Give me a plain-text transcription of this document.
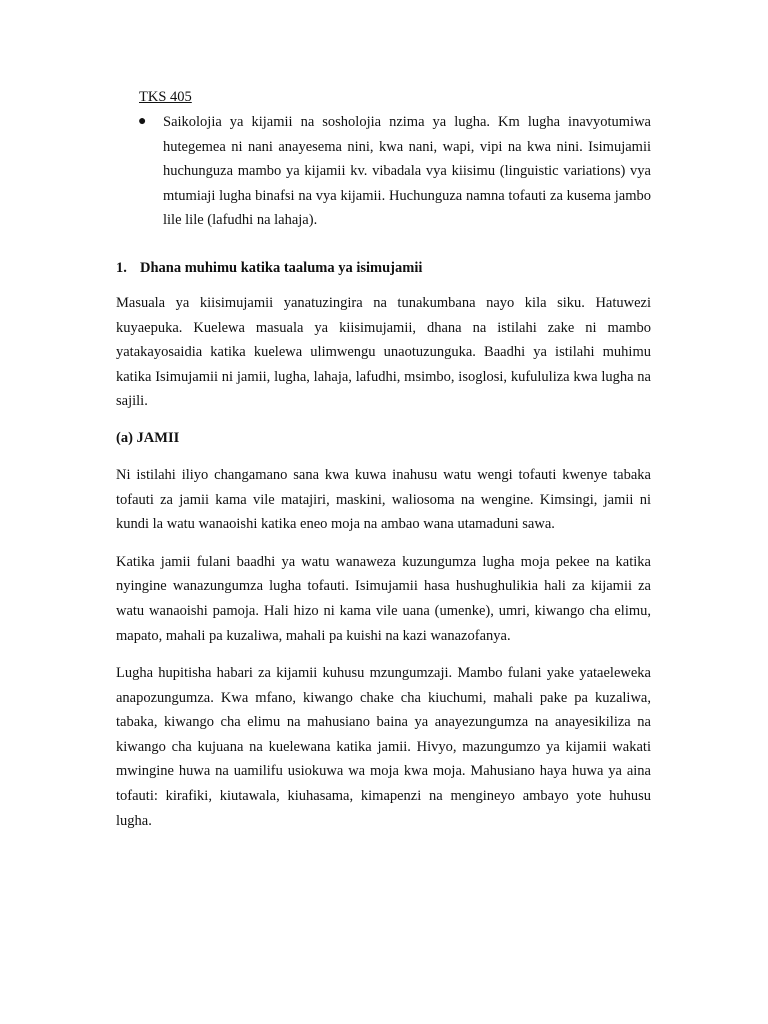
TKS 405
● Saikolojia ya kijamii na sosholojia nzima ya lugha. Km lugha inavyotumiwa hutegemea ni nani anayesema nini, kwa nani, wapi, vipi na kwa nini. Isimujamii huchunguza mambo ya kijamii kv. vibadala vya kiisimu (linguistic variations) vya mtumiaji lugha binafsi na vya kijamii. Huchunguza namna tofauti za kusema jambo lile lile (lafudhi na lahaja).
1. Dhana muhimu katika taaluma ya isimujamii

Masuala ya kiisimujamii yanatuzingira na tunakumbana nayo kila siku. Hatuwezi kuyaepuka. Kuelewa masuala ya kiisimujamii, dhana na istilahi zake ni mambo yatakayosaidia katika kuelewa ulimwengu unaotuzunguka. Baadhi ya istilahi muhimu katika Isimujamii ni jamii, lugha, lahaja, lafudhi, msimbo, isoglosi, kufululiza kwa lugha na sajili.

(a) JAMII

Ni istilahi iliyo changamano sana kwa kuwa inahusu watu wengi tofauti kwenye tabaka tofauti za jamii kama vile matajiri, maskini, waliosoma na wengine. Kimsingi, jamii ni kundi la watu wanaoishi katika eneo moja na ambao wana utamaduni sawa.

Katika jamii fulani baadhi ya watu wanaweza kuzungumza lugha moja pekee na katika nyingine wanazungumza lugha tofauti. Isimujamii hasa hushughulikia hali za kijamii za watu wanaoishi pamoja. Hali hizo ni kama vile uana (umenke), umri, kiwango cha elimu, mapato, mahali pa kuzaliwa, mahali pa kuishi na kazi wanazofanya.

Lugha hupitisha habari za kijamii kuhusu mzungumzaji. Mambo fulani yake yataeleweka anapozungumza. Kwa mfano, kiwango chake cha kiuchumi, mahali pake pa kuzaliwa, tabaka, kiwango cha elimu na mahusiano baina ya anayezungumza na anayesikiliza na kiwango cha kujuana na kuelewana katika jamii. Hivyo, mazungumzo ya kijamii wakati mwingine huwa na uamilifu usiokuwa wa moja kwa moja. Mahusiano haya huwa ya aina tofauti: kirafiki, kiutawala, kiuhasama, kimapenzi na mengineyo ambayo yote huhusu lugha.
